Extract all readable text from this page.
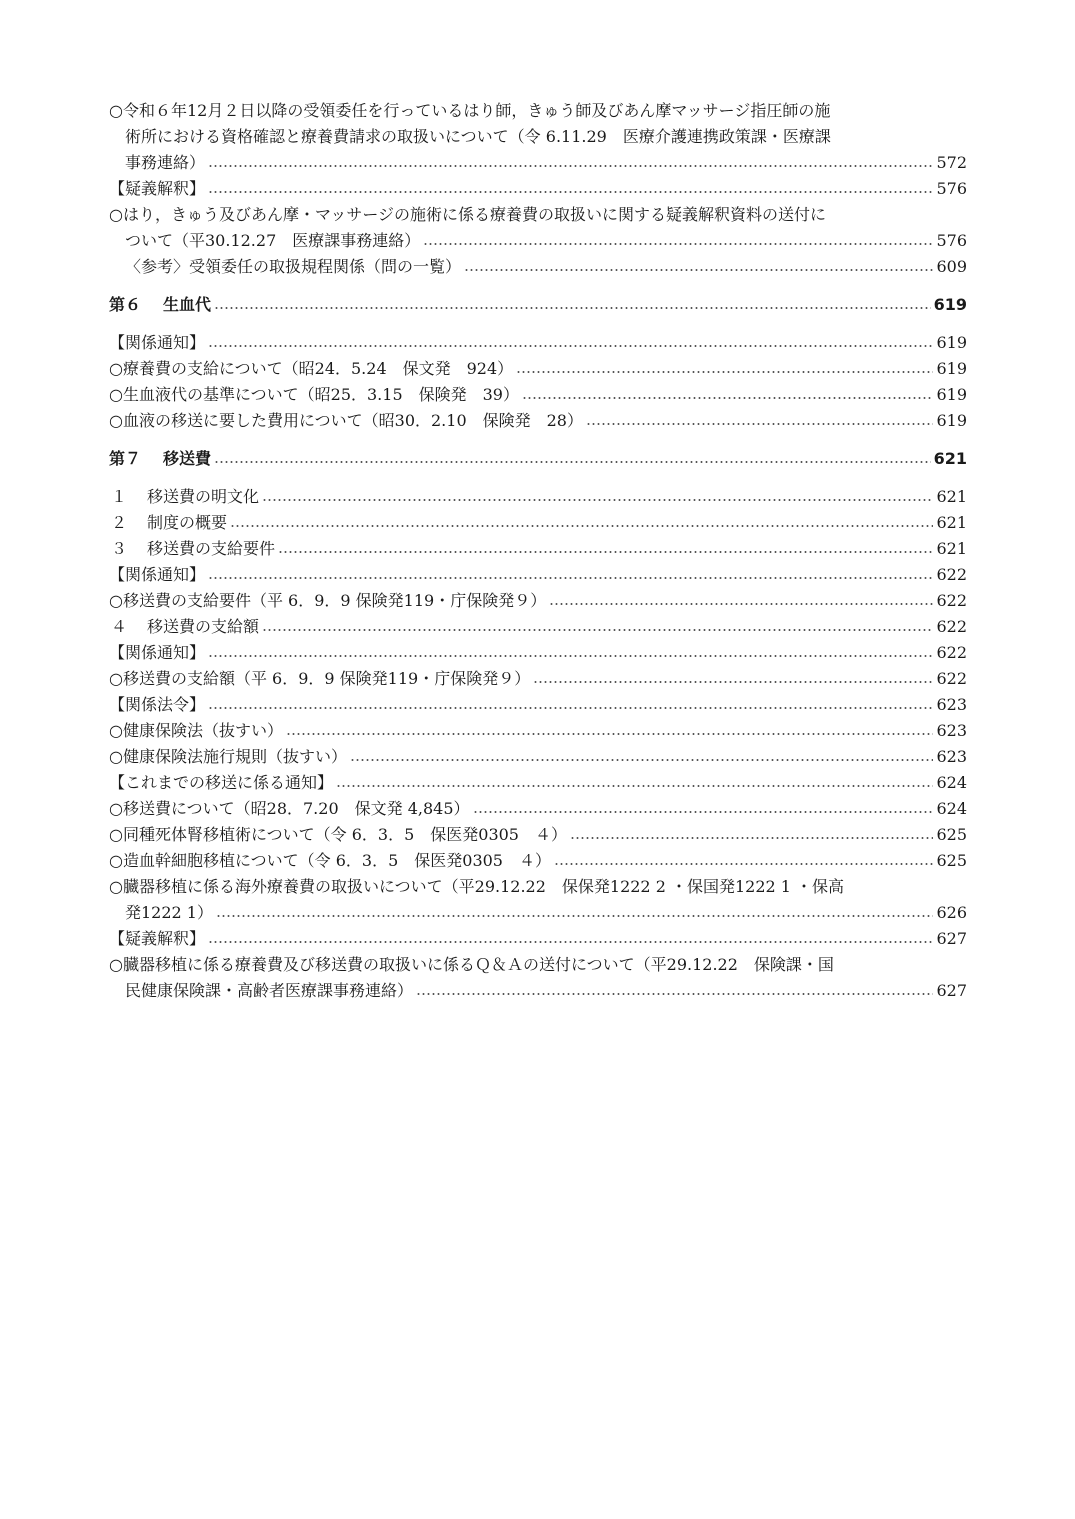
○令和６年12月２日以降の受領委任を行っているはり師，きゅう師及びあん摩マッサージ指圧師の施
術所における資格確認と療養費請求の取扱いについて（令 6.11.29　医療介護連携政策課・医療課
事務連絡）	572
【疑義解釈】	576
○はり，きゅう及びあん摩・マッサージの施術に係る療養費の取扱いに関する疑義解釈資料の送付に
ついて（平30.12.27　医療課事務連絡）	576
〈参考〉受領委任の取扱規程関係（問の一覧）	609
第６ 生血代	619
【関係通知】	619
○療養費の支給について（昭24．5.24　保文発　924）	619
○生血液代の基準について（昭25．3.15　保険発　39）	619
○血液の移送に要した費用について（昭30．2.10　保険発　28）	619
第７ 移送費	621
１ 移送費の明文化	621
２ 制度の概要	621
３ 移送費の支給要件	621
【関係通知】	622
○移送費の支給要件（平 6．9．9 保険発119・庁保険発９）	622
４ 移送費の支給額	622
【関係通知】	622
○移送費の支給額（平 6．9．9 保険発119・庁保険発９）	622
【関係法令】	623
○健康保険法（抜すい）	623
○健康保険法施行規則（抜すい）	623
【これまでの移送に係る通知】	624
○移送費について（昭28．7.20　保文発 4,845）	624
○同種死体腎移植術について（令 6．3．5　保医発0305　４）	625
○造血幹細胞移植について（令 6．3．5　保医発0305　４）	625
○臓器移植に係る海外療養費の取扱いについて（平29.12.22　保保発1222 2 ・保国発1222 1 ・保高
発1222 1）	626
【疑義解釈】	627
○臓器移植に係る療養費及び移送費の取扱いに係るＱ＆Ａの送付について（平29.12.22　保険課・国
民健康保険課・高齢者医療課事務連絡）	627
